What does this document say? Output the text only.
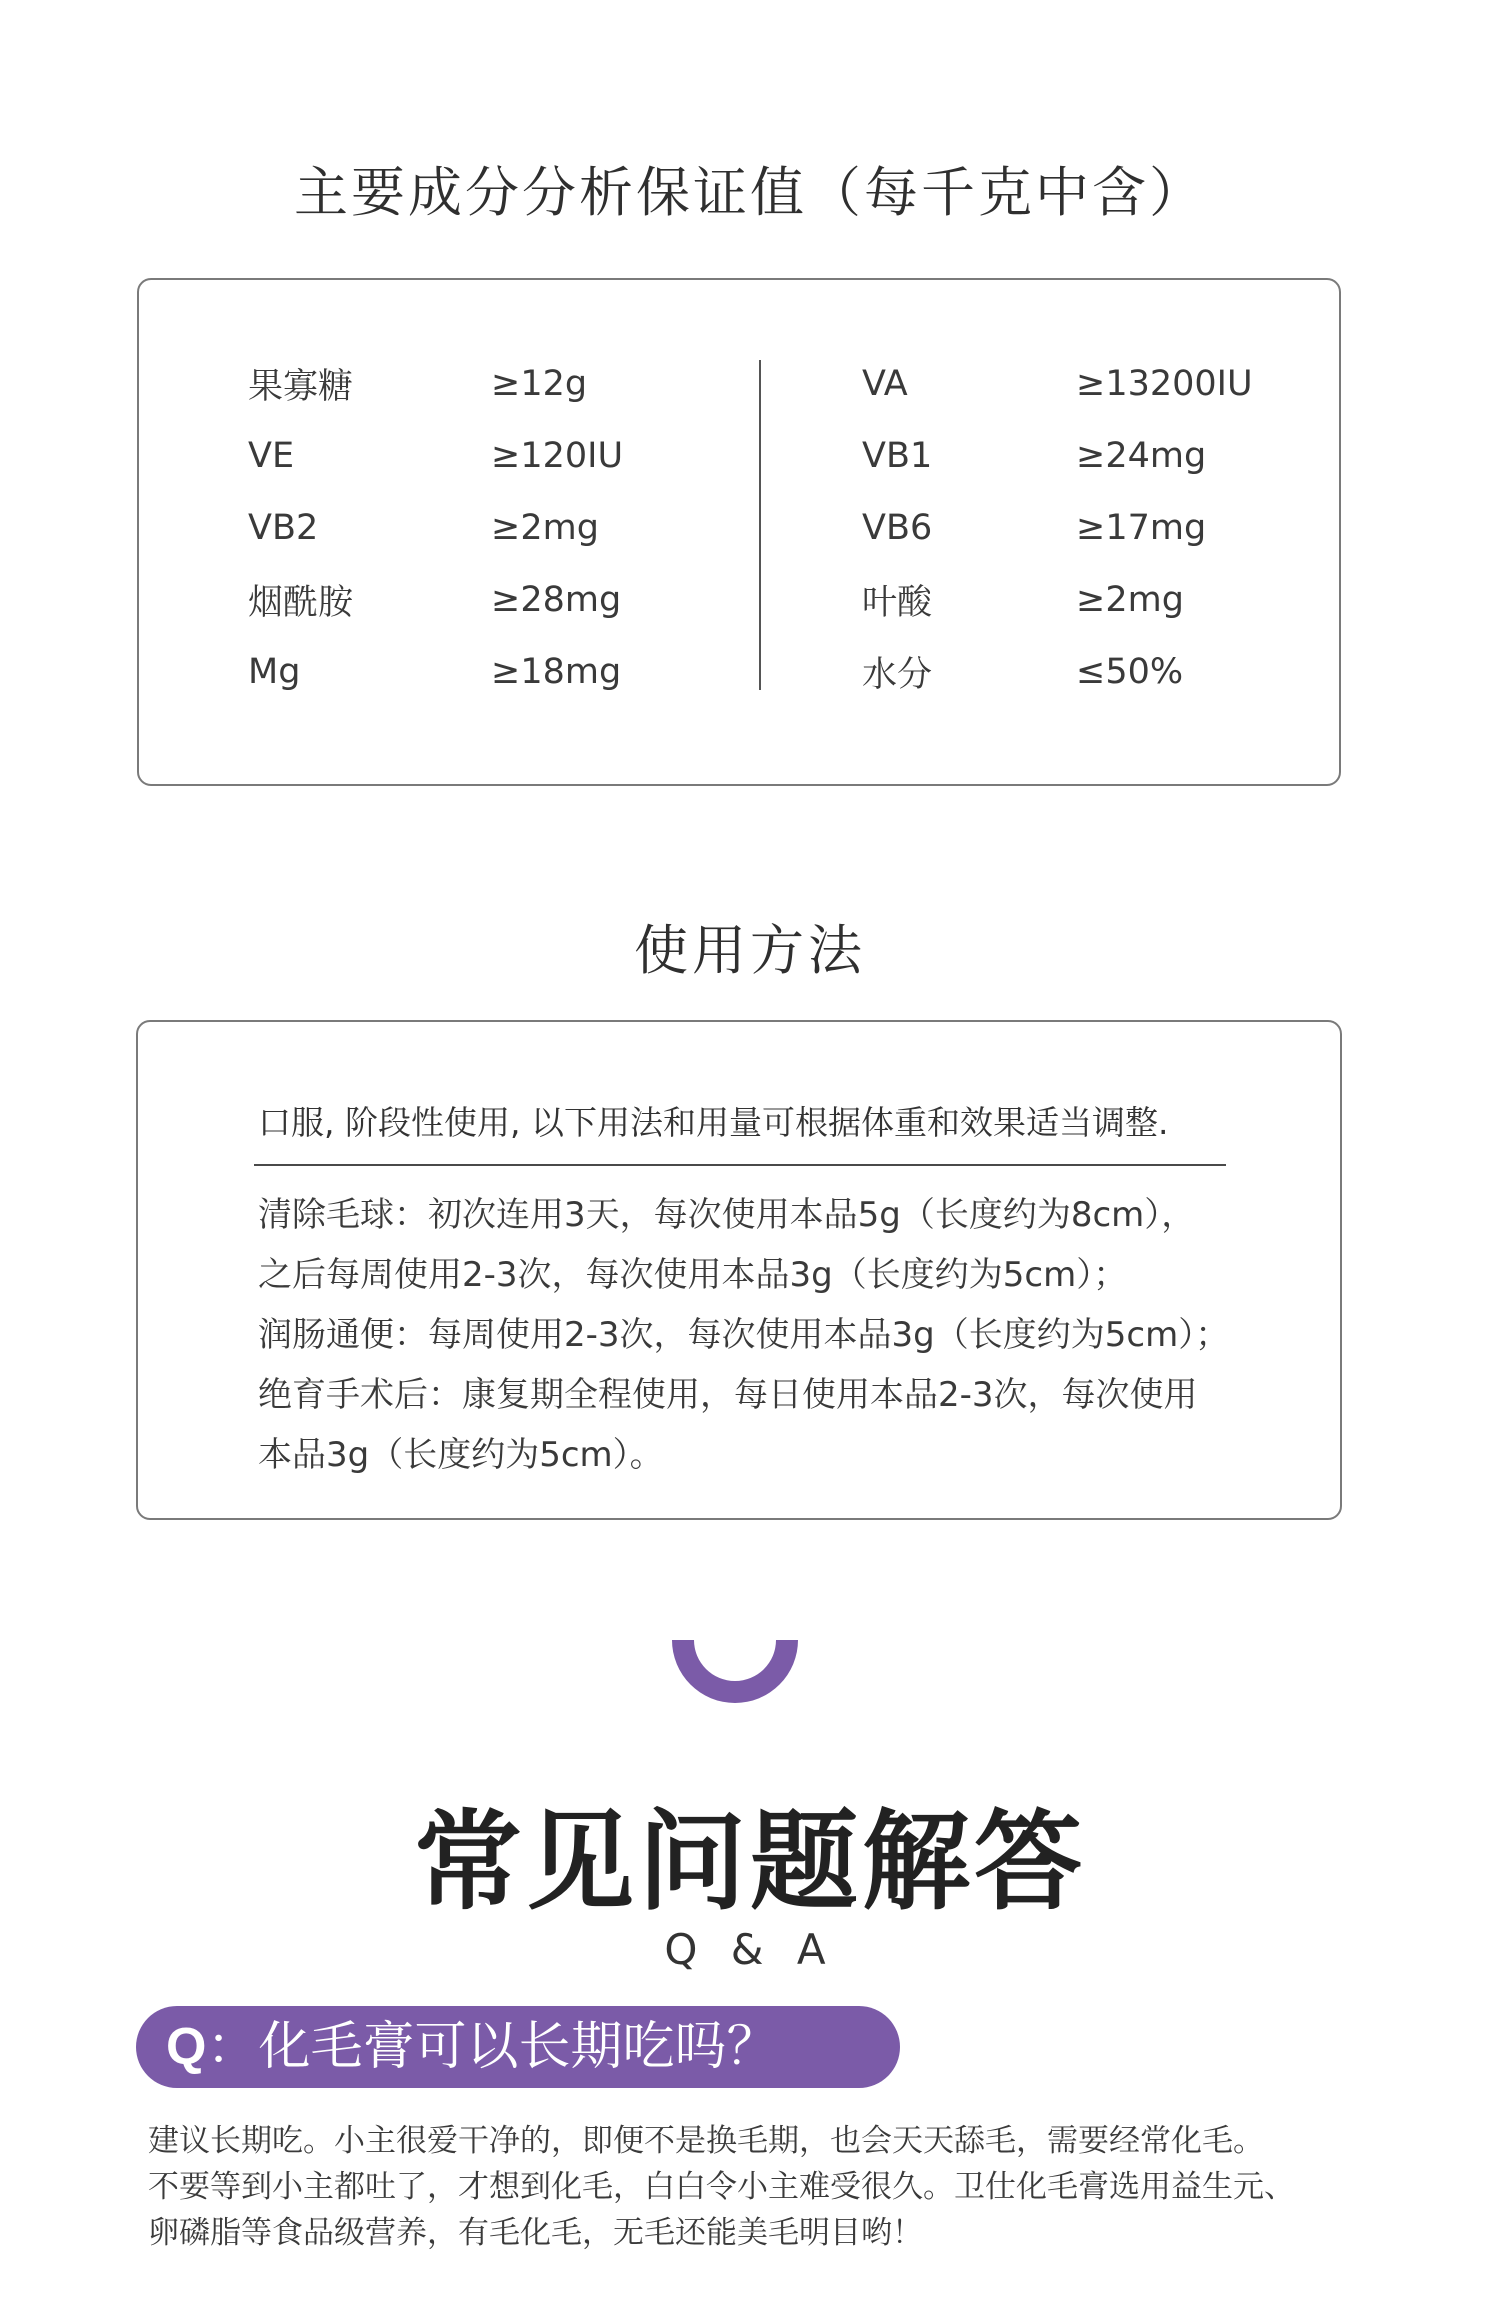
主要成分分析保证值（每千克中含）
果寡糖	≥12g
VE	≥120IU
VB2	≥2mg
烟酰胺	≥28mg
Mg	≥18mg
VA	≥13200IU
VB1	≥24mg
VB6	≥17mg
叶酸	≥2mg
水分	≤50%
使用方法
口服, 阶段性使用, 以下用法和用量可根据体重和效果适当调整.
清除毛球：初次连用3天，每次使用本品5g（长度约为8cm），
之后每周使用2-3次，每次使用本品3g（长度约为5cm）；
润肠通便：每周使用2-3次，每次使用本品3g（长度约为5cm）；
绝育手术后：康复期全程使用，每日使用本品2-3次，每次使用
本品3g（长度约为5cm）。
常见问题解答
Q & A
Q：化毛膏可以长期吃吗？
建议长期吃。小主很爱干净的，即便不是换毛期，也会天天舔毛，需要经常化毛。
不要等到小主都吐了，才想到化毛，白白令小主难受很久。卫仕化毛膏选用益生元、
卵磷脂等食品级营养，有毛化毛，无毛还能美毛明目哟！
